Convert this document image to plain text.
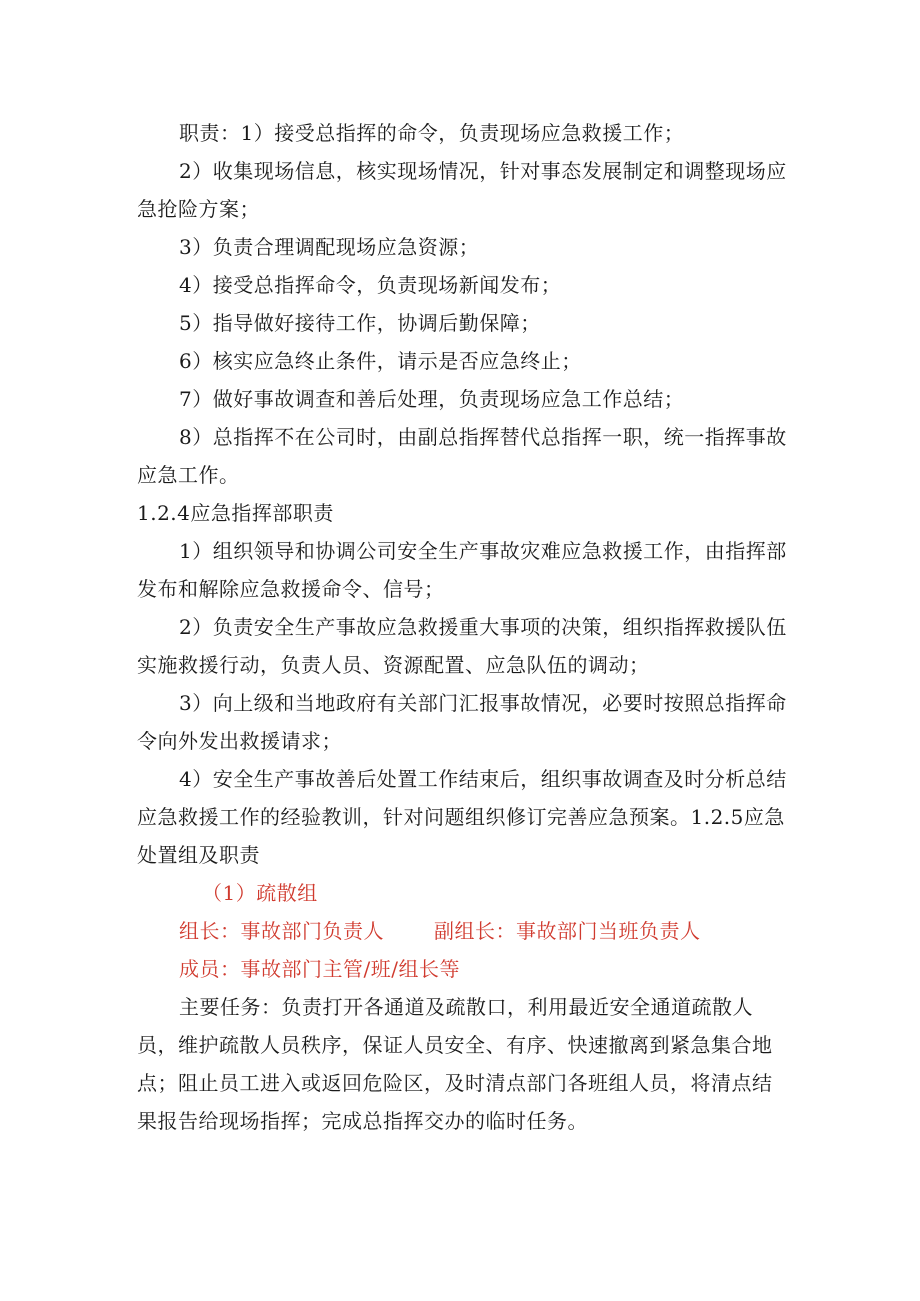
职责：1）接受总指挥的命令，负责现场应急救援工作；

2）收集现场信息，核实现场情况，针对事态发展制定和调整现场应急抢险方案；

3）负责合理调配现场应急资源；

4）接受总指挥命令，负责现场新闻发布；

5）指导做好接待工作，协调后勤保障；

6）核实应急终止条件，请示是否应急终止；

7）做好事故调查和善后处理，负责现场应急工作总结；

8）总指挥不在公司时，由副总指挥替代总指挥一职，统一指挥事故应急工作。

1.2.4应急指挥部职责

1）组织领导和协调公司安全生产事故灾难应急救援工作，由指挥部发布和解除应急救援命令、信号；

2）负责安全生产事故应急救援重大事项的决策，组织指挥救援队伍实施救援行动，负责人员、资源配置、应急队伍的调动；

3）向上级和当地政府有关部门汇报事故情况，必要时按照总指挥命令向外发出救援请求；

4）安全生产事故善后处置工作结束后，组织事故调查及时分析总结应急救援工作的经验教训，针对问题组织修订完善应急预案。1.2.5应急处置组及职责

（1）疏散组

组长：事故部门负责人	副组长：事故部门当班负责人

成员：事故部门主管/班/组长等

主要任务：负责打开各通道及疏散口，利用最近安全通道疏散人员，维护疏散人员秩序，保证人员安全、有序、快速撤离到紧急集合地点；阻止员工进入或返回危险区，及时清点部门各班组人员，将清点结果报告给现场指挥；完成总指挥交办的临时任务。
